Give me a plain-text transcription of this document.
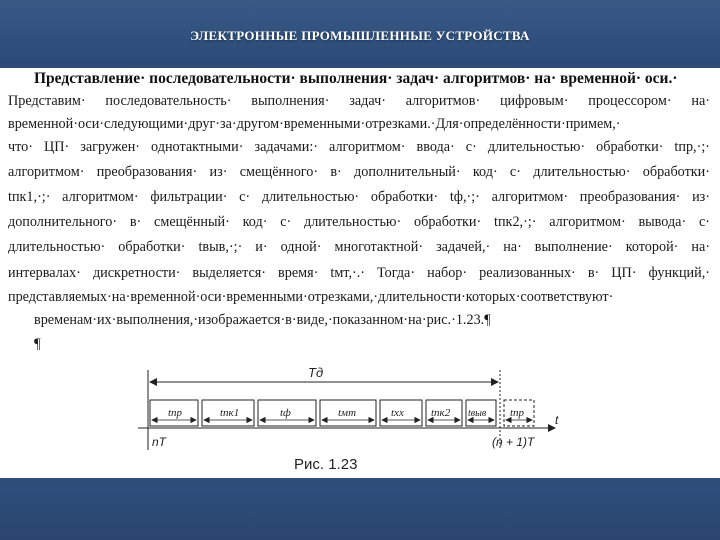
ЭЛЕКТРОННЫЕ ПРОМЫШЛЕННЫЕ УСТРОЙСТВА
Представление· последовательности· выполнения· задач· алгоритмов· на· временной· оси.·
Представим· последовательность· выполнения· задач· алгоритмов· цифровым· процессором· на·
временной·оси·следующими·друг·за·другом·временными·отрезками.·Для·определённости·примем,·
что· ЦП· загружен· однотактными· задачами:· алгоритмом· ввода· с· длительностью· обработки· tпр,·;·
алгоритмом· преобразования· из· смещённого· в· дополнительный· код· с· длительностью· обработки·
tпк1,·;· алгоритмом· фильтрации· с· длительностью· обработки· tф,·;· алгоритмом· преобразования· из·
дополнительного· в· смещённый· код· с· длительностью· обработки· tпк2,·;· алгоритмом· вывода· с·
длительностью· обработки· tвыв,·;· и· одной· многотактной· задачей,· на· выполнение· которой· на·
интервалах· дискретности· выделяется· время· tмт,·.· Тогда· набор· реализованных· в· ЦП· функций,·
представляемых·на·временной·оси·временными·отрезками,·длительности·которых·соответствуют·
временам·их·выполнения,·изображается·в·виде,·показанном·на·рис.·1.23.¶
¶
Tд
t
tпр	tпк1	tф	tмт	tхх tпк2 tвыв tпр
nT	(n + 1)T
Рис. 1.23
